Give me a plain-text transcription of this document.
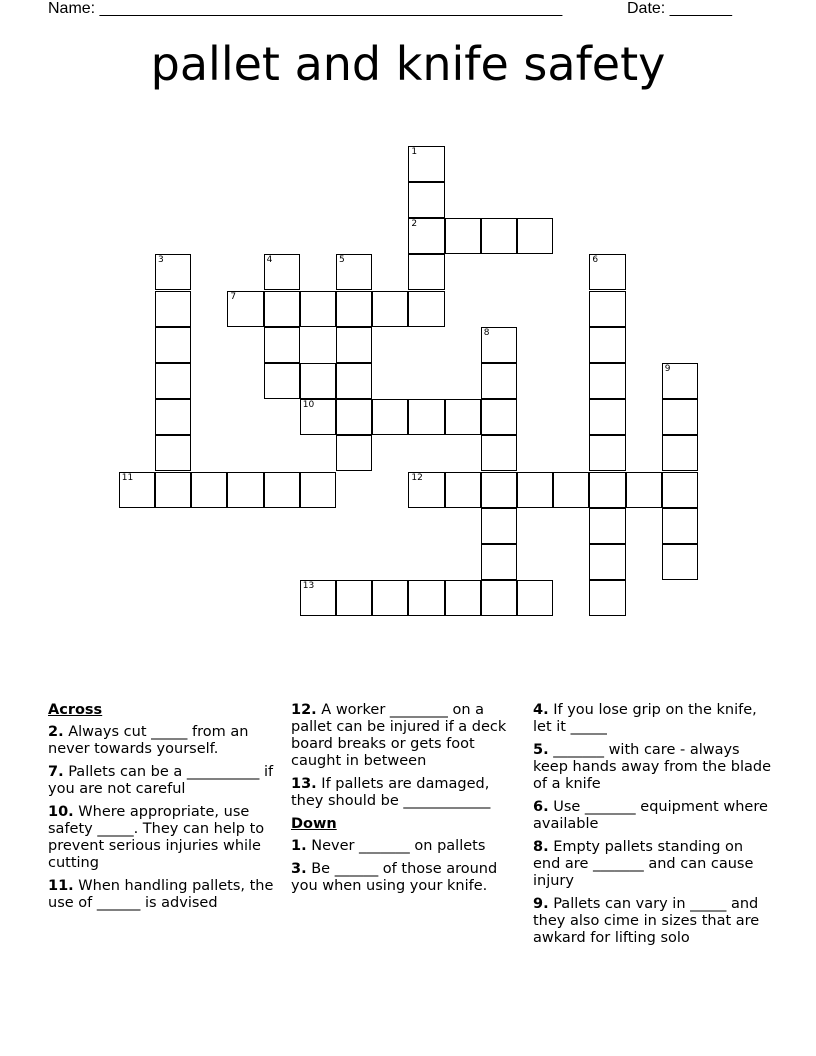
Name: ____________________________________________________	Date: _______
pallet and knife safety
1
2
3	4	5	6
7
8
9
10
11	12
13
Across
2. Always cut _____ from an never towards yourself.
7. Pallets can be a __________ if you are not careful
10. Where appropriate, use safety _____. They can help to prevent serious injuries while cutting
11. When handling pallets, the use of ______ is advised
12. A worker ________ on a pallet can be injured if a deck board breaks or gets foot caught in between
13. If pallets are damaged, they should be ____________
Down
1. Never _______ on pallets
3. Be ______ of those around you when using your knife.
4. If you lose grip on the knife, let it _____
5. _______ with care - always keep hands away from the blade of a knife
6. Use _______ equipment where available
8. Empty pallets standing on end are _______ and can cause injury
9. Pallets can vary in _____ and they also cime in sizes that are awkard for lifting solo
